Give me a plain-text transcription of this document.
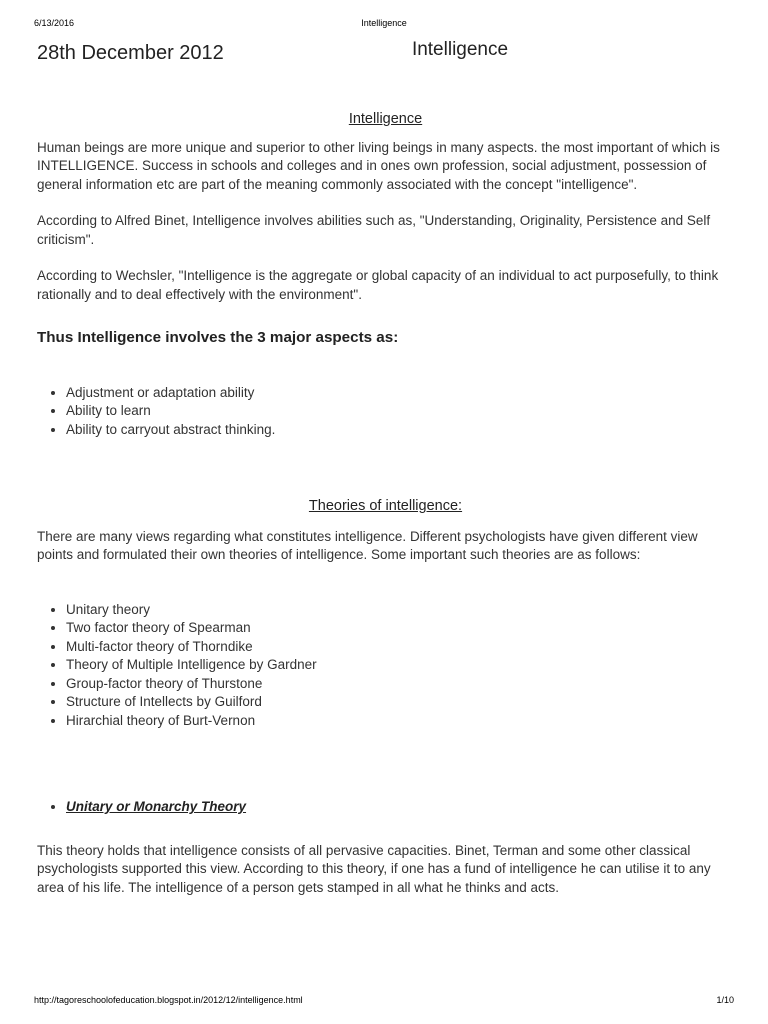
6/13/2016	Intelligence
28th December 2012	Intelligence
Intelligence

Human beings are more unique and superior to other living beings in many aspects. the most important of which is INTELLIGENCE. Success in schools and colleges and in ones own profession, social adjustment, possession of general information etc are part of the meaning commonly associated with the concept "intelligence".

According to Alfred Binet, Intelligence involves abilities such as, "Understanding, Originality, Persistence and Self criticism".

According to Wechsler, "Intelligence is the aggregate or global capacity of an individual to act purposefully, to think rationally and to deal effectively with the environment".

Thus Intelligence involves the 3 major aspects as:

• Adjustment or adaptation ability
• Ability to learn
• Ability to carryout abstract thinking.
Theories of intelligence:

There are many views regarding what constitutes intelligence. Different psychologists have given different view points and formulated their own theories of intelligence. Some important such theories are as follows:

• Unitary theory
• Two factor theory of Spearman
• Multi-factor theory of Thorndike
• Theory of Multiple Intelligence by Gardner
• Group-factor theory of Thurstone
• Structure of Intellects by Guilford
• Hirarchial theory of Burt-Vernon
• Unitary or Monarchy Theory

This theory holds that intelligence consists of all pervasive capacities. Binet, Terman and some other classical psychologists supported this view. According to this theory, if one has a fund of intelligence he can utilise it to any area of his life. The intelligence of a person gets stamped in all what he thinks and acts.

http://tagoreschoolofeducation.blogspot.in/2012/12/intelligence.html	1/10
